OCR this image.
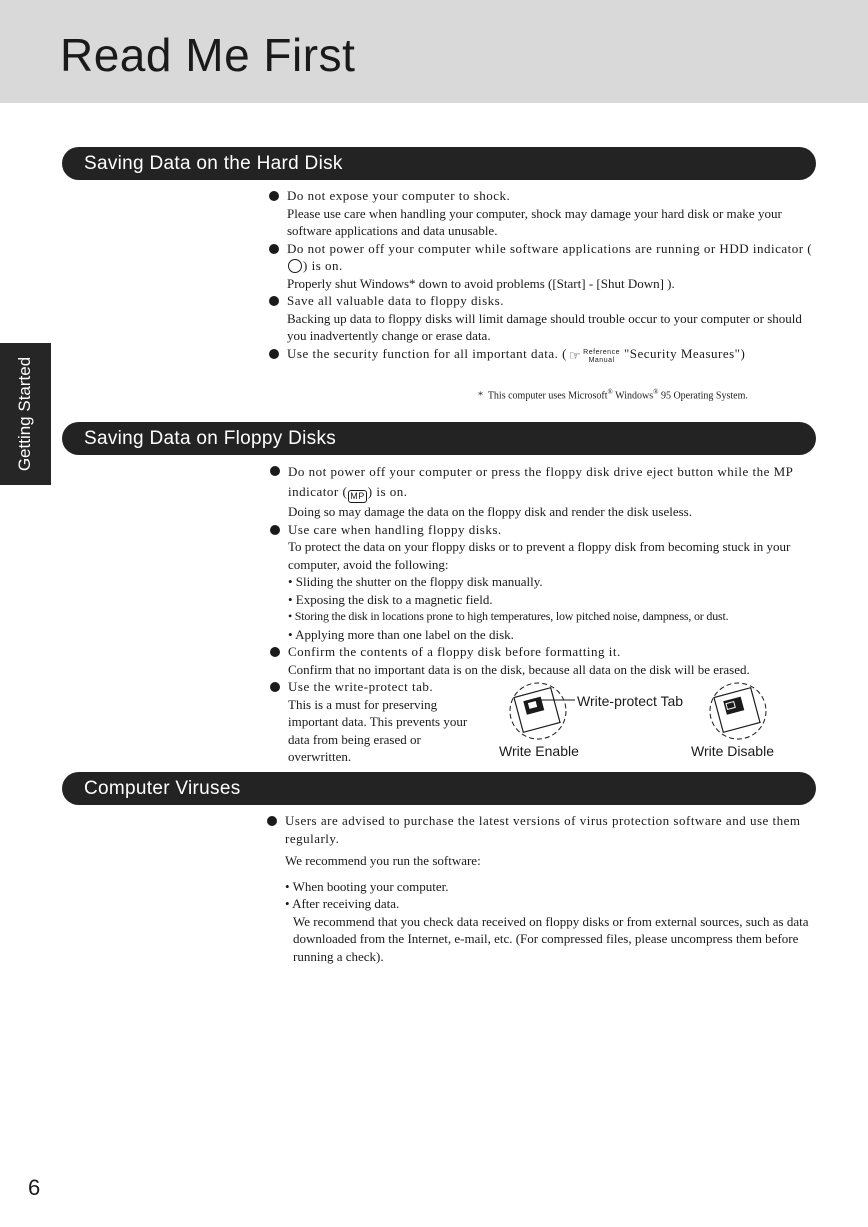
Read Me First
Getting Started
Saving Data on the Hard Disk

Do not expose your computer to shock.

Please use care when handling your computer, shock may damage your hard disk or make your software applications and data unusable.

Do not power off your computer while software applications are running or HDD indicator () is on.

Properly shut Windows* down to avoid problems ([Start] - [Shut Down] ).

Save all valuable data to floppy disks.

Backing up data to floppy disks will limit damage should trouble occur to your computer or should you inadvertently change or erase data.

Use the security function for all important data. ( ☞ Reference
Manual "Security Measures")

* This computer uses Microsoft® Windows® 95 Operating System.
Saving Data on Floppy Disks

Do not power off your computer or press the floppy disk drive eject button while the MP indicator ( MP ) is on.

Doing so may damage the data on the floppy disk and render the disk useless.

Use care when handling floppy disks.

To protect the data on your floppy disks or to prevent a floppy disk from becoming stuck in your computer, avoid the following:

• Sliding the shutter on the floppy disk manually.

• Exposing the disk to a magnetic field.

• Storing the disk in locations prone to high temperatures, low pitched noise, dampness, or dust.

• Applying more than one label on the disk.

Confirm the contents of a floppy disk before formatting it.

Confirm that no important data is on the disk, because all data on the disk will be erased.

Use the write-protect tab.

This is a must for preserving important data. This prevents your data from being erased or overwritten.

Write-protect Tab
Write Enable	Write Disable
Computer Viruses

Users are advised to purchase the latest versions of virus protection software and use them regularly.

We recommend you run the software:

• When booting your computer.

• After receiving data.

We recommend that you check data received on floppy disks or from external sources, such as data downloaded from the Internet, e-mail, etc. (For compressed files, please uncompress them before running a check).

6
